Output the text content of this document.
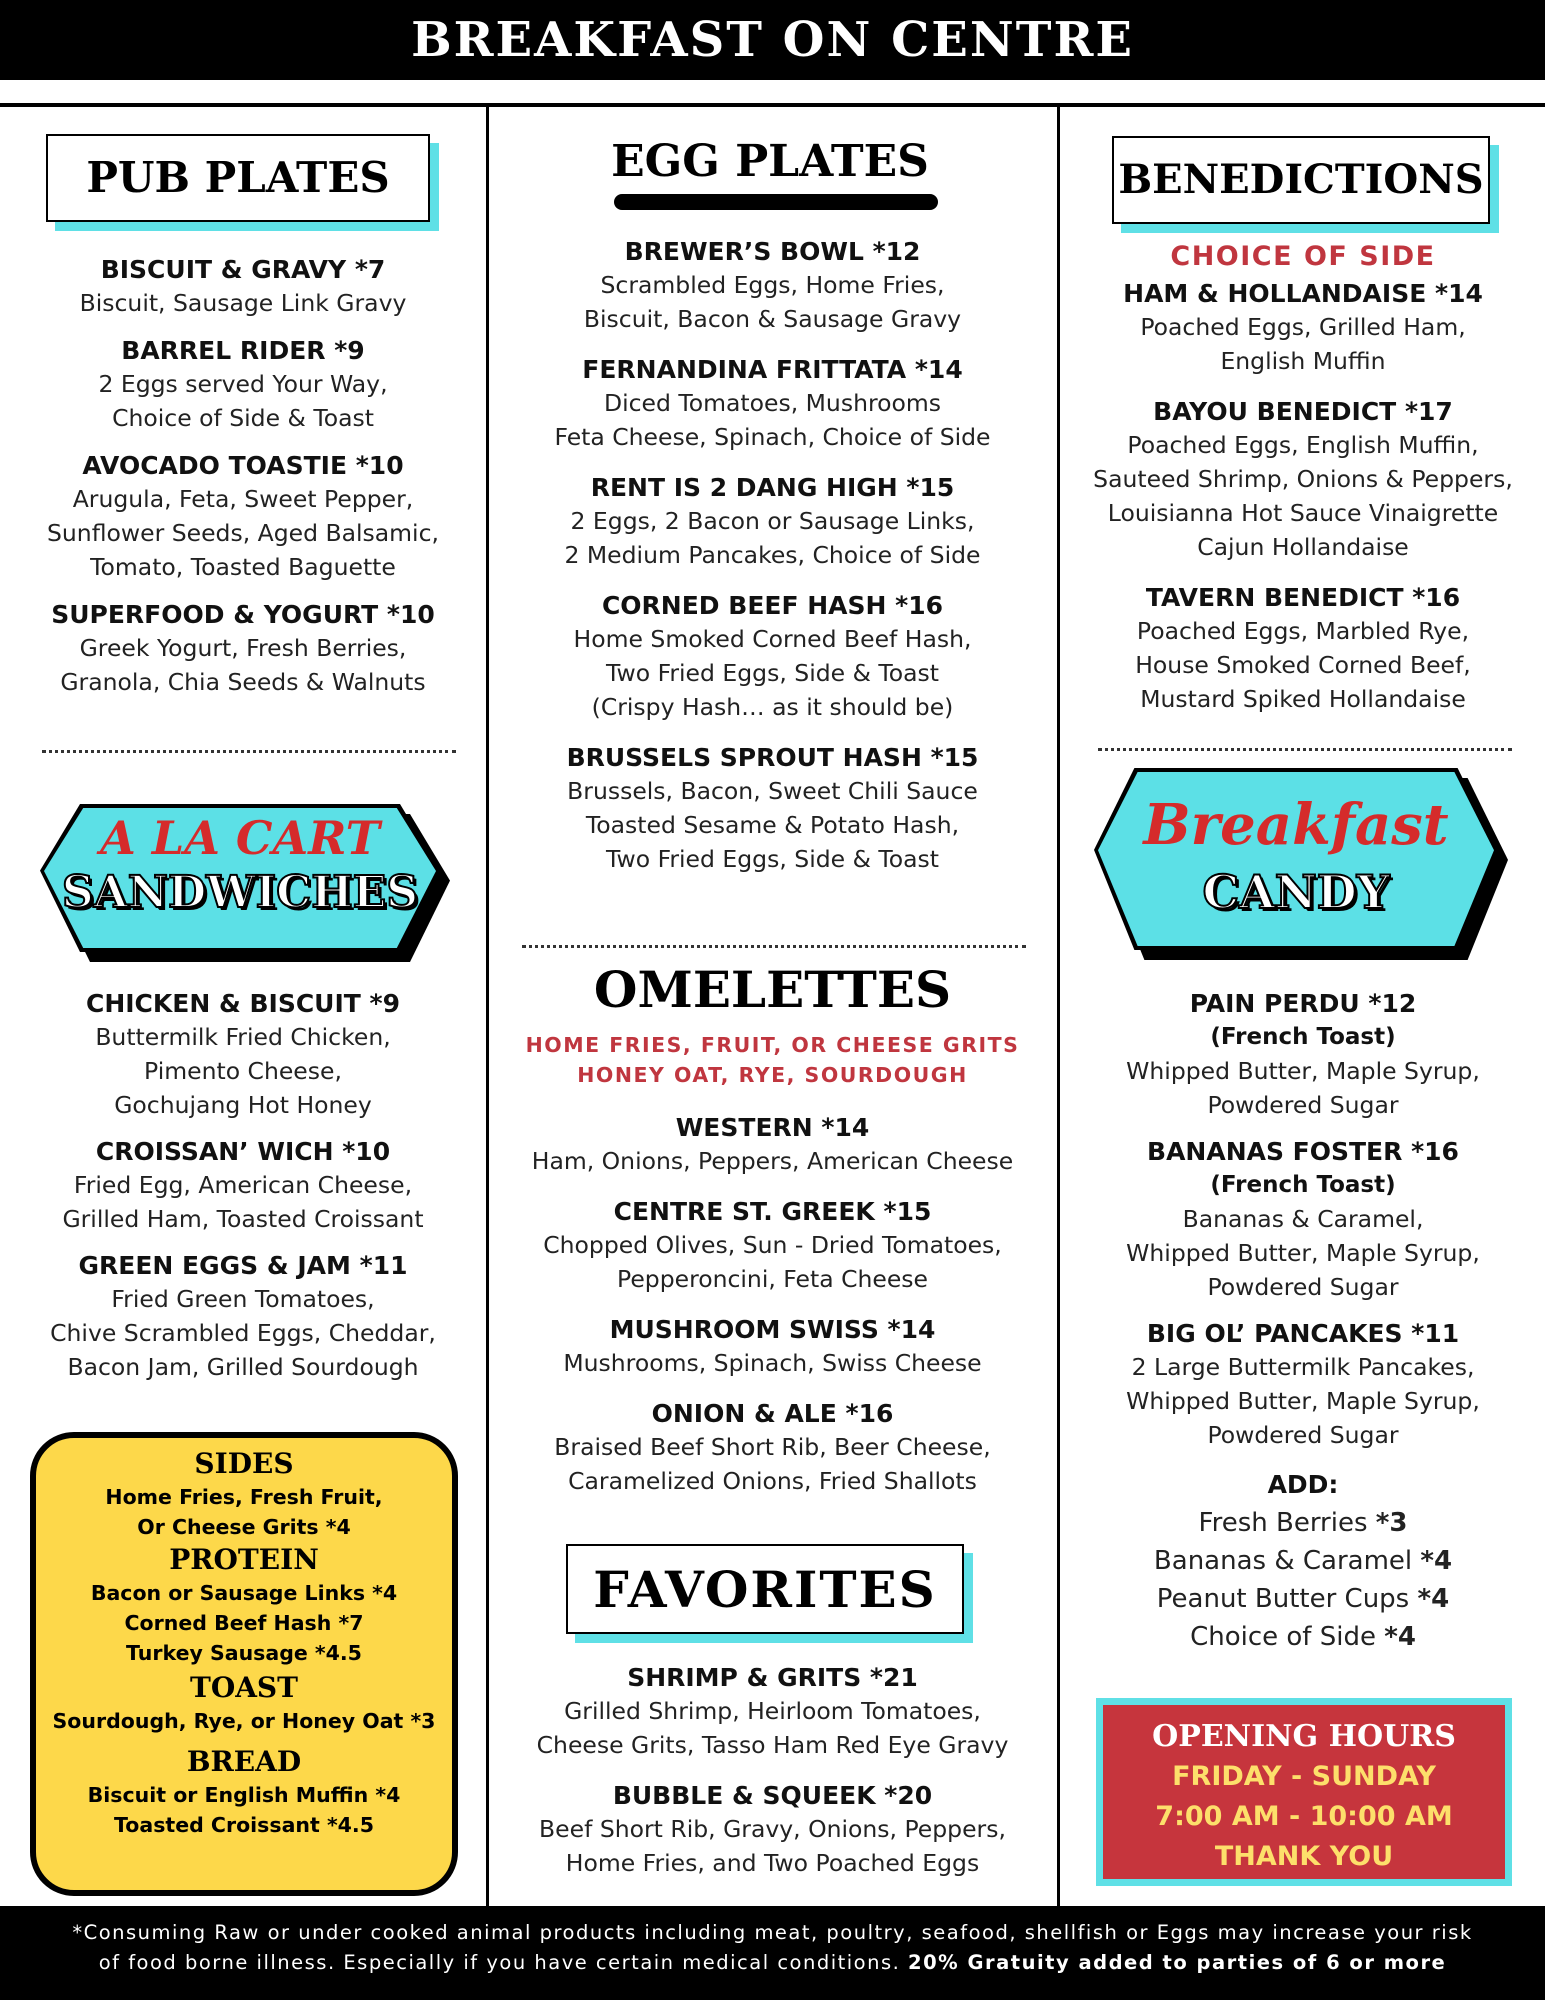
BREAKFAST ON CENTRE
PUB PLATES
BISCUIT & GRAVY *7
Biscuit, Sausage Link Gravy
BARREL RIDER *9
2 Eggs served Your Way,
Choice of Side & Toast
AVOCADO TOASTIE *10
Arugula, Feta, Sweet Pepper,
Sunflower Seeds, Aged Balsamic,
Tomato, Toasted Baguette
SUPERFOOD & YOGURT *10
Greek Yogurt, Fresh Berries,
Granola, Chia Seeds & Walnuts
A LA CART
SANDWICHES
CHICKEN & BISCUIT *9
Buttermilk Fried Chicken,
Pimento Cheese,
Gochujang Hot Honey
CROISSAN’ WICH *10
Fried Egg, American Cheese,
Grilled Ham, Toasted Croissant
GREEN EGGS & JAM *11
Fried Green Tomatoes,
Chive Scrambled Eggs, Cheddar,
Bacon Jam, Grilled Sourdough
SIDES
Home Fries, Fresh Fruit,
Or Cheese Grits *4
PROTEIN
Bacon or Sausage Links *4
Corned Beef Hash *7
Turkey Sausage *4.5
TOAST
Sourdough, Rye, or Honey Oat *3
BREAD
Biscuit or English Muffin *4
Toasted Croissant *4.5
EGG PLATES
BREWER’S BOWL *12
Scrambled Eggs, Home Fries,
Biscuit, Bacon & Sausage Gravy
FERNANDINA FRITTATA *14
Diced Tomatoes, Mushrooms
Feta Cheese, Spinach, Choice of Side
RENT IS 2 DANG HIGH *15
2 Eggs, 2 Bacon or Sausage Links,
2 Medium Pancakes, Choice of Side
CORNED BEEF HASH *16
Home Smoked Corned Beef Hash,
Two Fried Eggs, Side & Toast
(Crispy Hash… as it should be)
BRUSSELS SPROUT HASH *15
Brussels, Bacon, Sweet Chili Sauce
Toasted Sesame & Potato Hash,
Two Fried Eggs, Side & Toast
OMELETTES
HOME FRIES, FRUIT, OR CHEESE GRITS
HONEY OAT, RYE, SOURDOUGH
WESTERN *14
Ham, Onions, Peppers, American Cheese
CENTRE ST. GREEK *15
Chopped Olives, Sun - Dried Tomatoes,
Pepperoncini, Feta Cheese
MUSHROOM SWISS *14
Mushrooms, Spinach, Swiss Cheese
ONION & ALE *16
Braised Beef Short Rib, Beer Cheese,
Caramelized Onions, Fried Shallots
FAVORITES
SHRIMP & GRITS *21
Grilled Shrimp, Heirloom Tomatoes,
Cheese Grits, Tasso Ham Red Eye Gravy
BUBBLE & SQUEEK *20
Beef Short Rib, Gravy, Onions, Peppers,
Home Fries, and Two Poached Eggs
BENEDICTIONS
CHOICE OF SIDE
HAM & HOLLANDAISE *14
Poached Eggs, Grilled Ham,
English Muffin
BAYOU BENEDICT *17
Poached Eggs, English Muffin,
Sauteed Shrimp, Onions & Peppers,
Louisianna Hot Sauce Vinaigrette
Cajun Hollandaise
TAVERN BENEDICT *16
Poached Eggs, Marbled Rye,
House Smoked Corned Beef,
Mustard Spiked Hollandaise
Breakfast
CANDY
PAIN PERDU *12
(French Toast)
Whipped Butter, Maple Syrup,
Powdered Sugar
BANANAS FOSTER *16
(French Toast)
Bananas & Caramel,
Whipped Butter, Maple Syrup,
Powdered Sugar
BIG OL’ PANCAKES *11
2 Large Buttermilk Pancakes,
Whipped Butter, Maple Syrup,
Powdered Sugar
ADD:
Fresh Berries *3
Bananas & Caramel *4
Peanut Butter Cups *4
Choice of Side *4
OPENING HOURS
FRIDAY - SUNDAY
7:00 AM - 10:00 AM
THANK YOU
*Consuming Raw or under cooked animal products including meat, poultry, seafood, shellfish or Eggs may increase your risk
of food borne illness. Especially if you have certain medical conditions. 20% Gratuity added to parties of 6 or more
